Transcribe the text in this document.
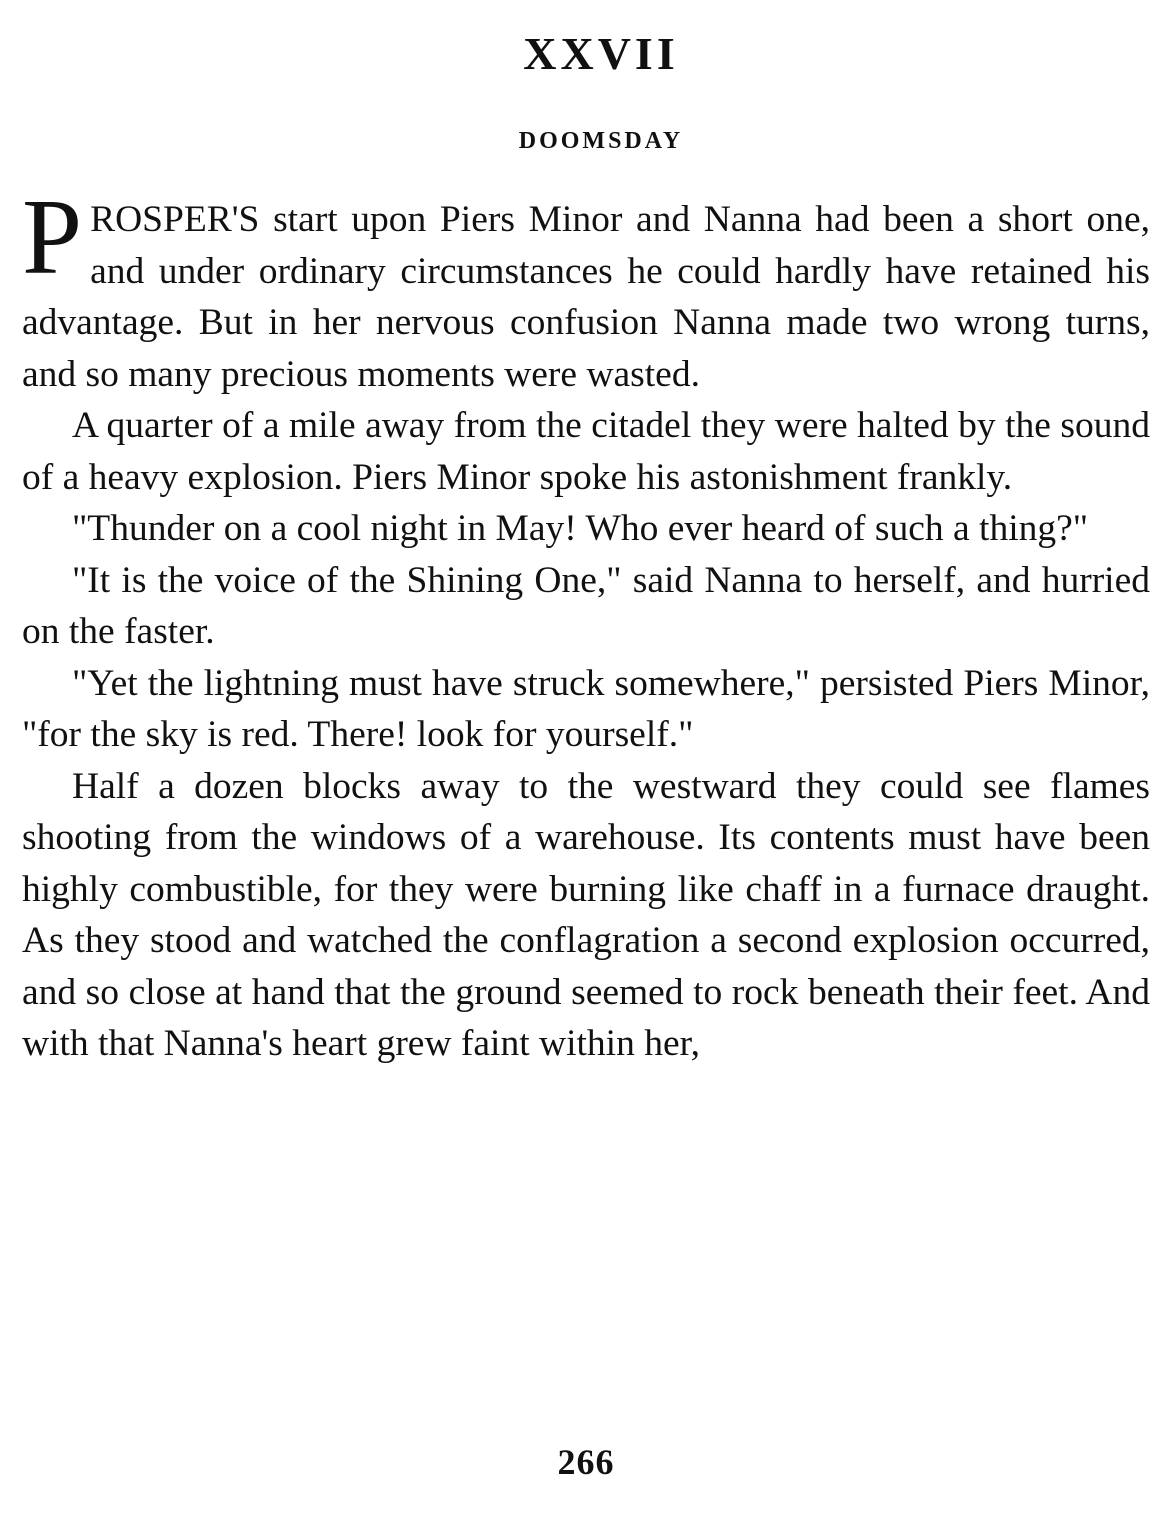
XXVII
DOOMSDAY

PROSPER'S start upon Piers Minor and Nanna had been a short one, and under ordinary circumstances he could hardly have retained his advantage. But in her nervous confusion Nanna made two wrong turns, and so many precious moments were wasted.

A quarter of a mile away from the citadel they were halted by the sound of a heavy explosion. Piers Minor spoke his astonishment frankly.

"Thunder on a cool night in May! Who ever heard of such a thing?"

"It is the voice of the Shining One," said Nanna to herself, and hurried on the faster.

"Yet the lightning must have struck somewhere," persisted Piers Minor, "for the sky is red. There! look for yourself."

Half a dozen blocks away to the westward they could see flames shooting from the windows of a warehouse. Its contents must have been highly combustible, for they were burning like chaff in a furnace draught. As they stood and watched the conflagration a second explosion occurred, and so close at hand that the ground seemed to rock beneath their feet. And with that Nanna's heart grew faint within her,

266
